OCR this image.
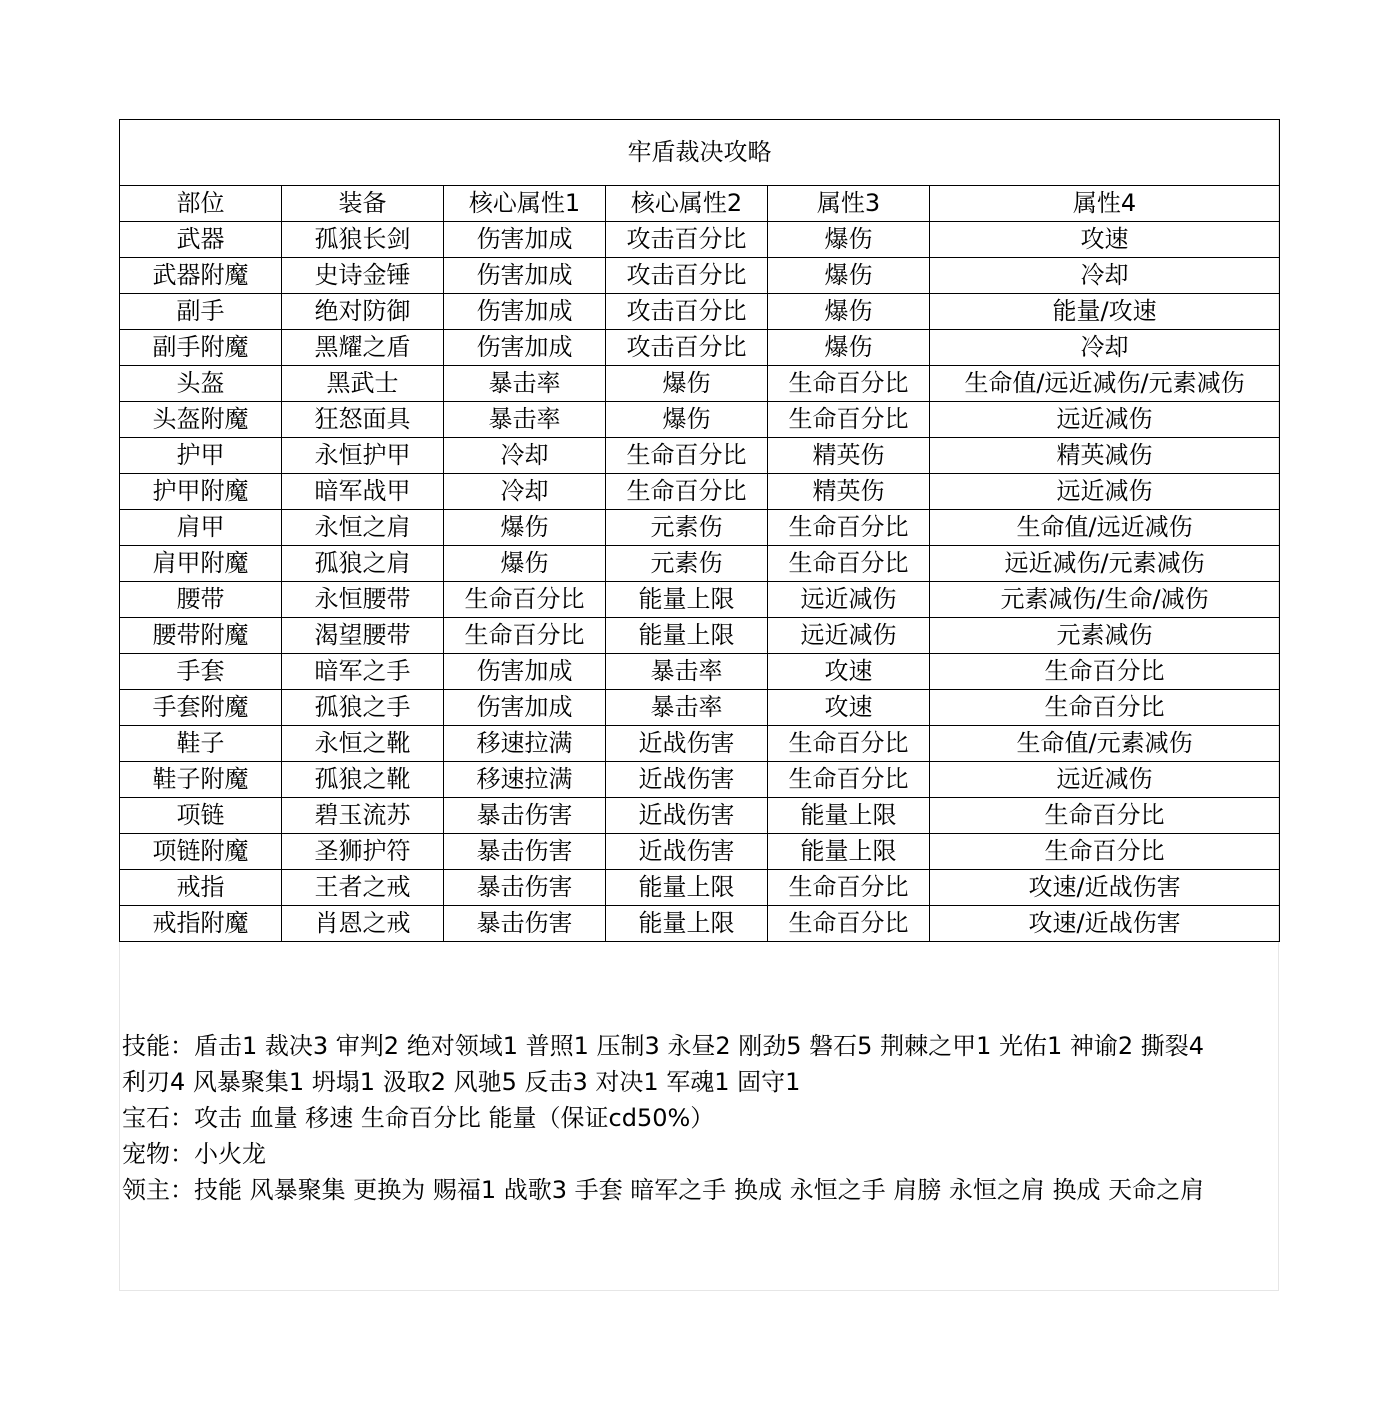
牢盾裁决攻略					
部位	装备	核心属性1	核心属性2	属性3	属性4
武器	孤狼长剑	伤害加成	攻击百分比	爆伤	攻速
武器附魔	史诗金锤	伤害加成	攻击百分比	爆伤	冷却
副手	绝对防御	伤害加成	攻击百分比	爆伤	能量/攻速
副手附魔	黑耀之盾	伤害加成	攻击百分比	爆伤	冷却
头盔	黑武士	暴击率	爆伤	生命百分比	生命值/远近减伤/元素减伤
头盔附魔	狂怒面具	暴击率	爆伤	生命百分比	远近减伤
护甲	永恒护甲	冷却	生命百分比	精英伤	精英减伤
护甲附魔	暗军战甲	冷却	生命百分比	精英伤	远近减伤
肩甲	永恒之肩	爆伤	元素伤	生命百分比	生命值/远近减伤
肩甲附魔	孤狼之肩	爆伤	元素伤	生命百分比	远近减伤/元素减伤
腰带	永恒腰带	生命百分比	能量上限	远近减伤	元素减伤/生命/减伤
腰带附魔	渴望腰带	生命百分比	能量上限	远近减伤	元素减伤
手套	暗军之手	伤害加成	暴击率	攻速	生命百分比
手套附魔	孤狼之手	伤害加成	暴击率	攻速	生命百分比
鞋子	永恒之靴	移速拉满	近战伤害	生命百分比	生命值/元素减伤
鞋子附魔	孤狼之靴	移速拉满	近战伤害	生命百分比	远近减伤
项链	碧玉流苏	暴击伤害	近战伤害	能量上限	生命百分比
项链附魔	圣狮护符	暴击伤害	近战伤害	能量上限	生命百分比
戒指	王者之戒	暴击伤害	能量上限	生命百分比	攻速/近战伤害
戒指附魔	肖恩之戒	暴击伤害	能量上限	生命百分比	攻速/近战伤害
技能：盾击1 裁决3 审判2 绝对领域1 普照1 压制3 永昼2 刚劲5 磐石5 荆棘之甲1 光佑1 神谕2 撕裂4
利刃4 风暴聚集1 坍塌1 汲取2 风驰5 反击3 对决1 军魂1 固守1
宝石：攻击 血量 移速 生命百分比 能量（保证cd50%）
宠物：小火龙
领主：技能 风暴聚集 更换为 赐福1 战歌3 手套 暗军之手 换成 永恒之手 肩膀 永恒之肩 换成 天命之肩
